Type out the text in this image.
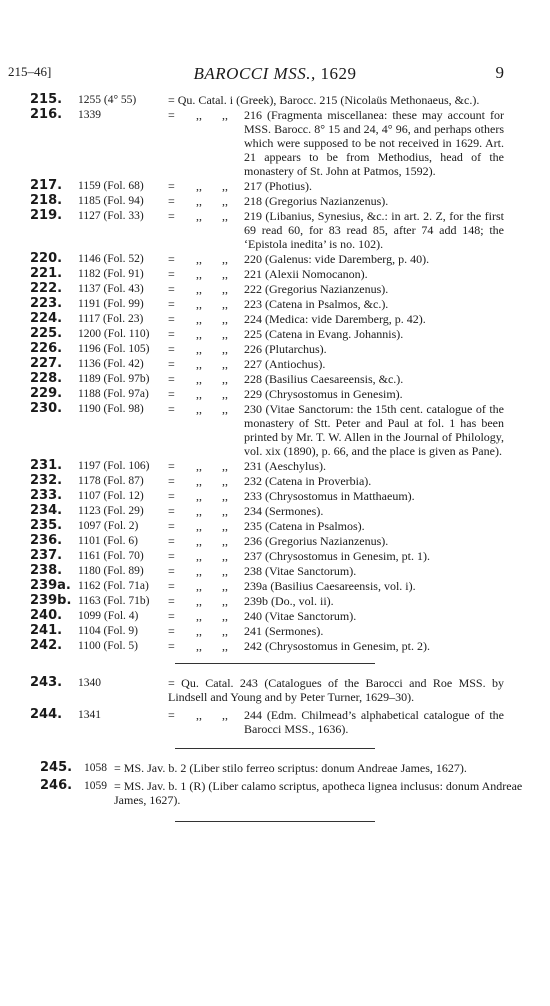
215–46]	BAROCCI MSS., 1629	9
215.	1255 (4° 55)	= Qu. Catal. i (Greek), Barocc. 215 (Nicolaüs Methonaeus, &c.).
216.	1339	=	,,	,,	216 (Fragmenta miscellanea: these may account for MSS. Barocc. 8° 15 and 24, 4° 96, and perhaps others which were supposed to be not received in 1629. Art. 21 appears to be from Methodius, head of the monastery of St. John at Patmos, 1592).
217.	1159 (Fol. 68)	=	,,	,,	217 (Photius).
218.	1185 (Fol. 94)	=	,,	,,	218 (Gregorius Nazianzenus).
219.	1127 (Fol. 33)	=	,,	,,	219 (Libanius, Synesius, &c.: in art. 2. Z, for the first 69 read 60, for 83 read 85, after 74 add 148; the ‘Epistola inedita’ is no. 102).
220.	1146 (Fol. 52)	=	,,	,,	220 (Galenus: vide Daremberg, p. 40).
221.	1182 (Fol. 91)	=	,,	,,	221 (Alexii Nomocanon).
222.	1137 (Fol. 43)	=	,,	,,	222 (Gregorius Nazianzenus).
223.	1191 (Fol. 99)	=	,,	,,	223 (Catena in Psalmos, &c.).
224.	1117 (Fol. 23)	=	,,	,,	224 (Medica: vide Daremberg, p. 42).
225.	1200 (Fol. 110)	=	,,	,,	225 (Catena in Evang. Johannis).
226.	1196 (Fol. 105)	=	,,	,,	226 (Plutarchus).
227.	1136 (Fol. 42)	=	,,	,,	227 (Antiochus).
228.	1189 (Fol. 97b)	=	,,	,,	228 (Basilius Caesareensis, &c.).
229.	1188 (Fol. 97a)	=	,,	,,	229 (Chrysostomus in Genesim).
230.	1190 (Fol. 98)	=	,,	,,	230 (Vitae Sanctorum: the 15th cent. catalogue of the monastery of Stt. Peter and Paul at fol. 1 has been printed by Mr. T. W. Allen in the Journal of Philology, vol. xix (1890), p. 66, and the place is given as Pane).
231.	1197 (Fol. 106)	=	,,	,,	231 (Aeschylus).
232.	1178 (Fol. 87)	=	,,	,,	232 (Catena in Proverbia).
233.	1107 (Fol. 12)	=	,,	,,	233 (Chrysostomus in Matthaeum).
234.	1123 (Fol. 29)	=	,,	,,	234 (Sermones).
235.	1097 (Fol. 2)	=	,,	,,	235 (Catena in Psalmos).
236.	1101 (Fol. 6)	=	,,	,,	236 (Gregorius Nazianzenus).
237.	1161 (Fol. 70)	=	,,	,,	237 (Chrysostomus in Genesim, pt. 1).
238.	1180 (Fol. 89)	=	,,	,,	238 (Vitae Sanctorum).
239a. 1162 (Fol. 71a)	=	,,	,,	239a (Basilius Caesareensis, vol. i).
239b. 1163 (Fol. 71b)	=	,,	,,	239b (Do., vol. ii).
240.	1099 (Fol. 4)	=	,,	,,	240 (Vitae Sanctorum).
241.	1104 (Fol. 9)	=	,,	,,	241 (Sermones).
242.	1100 (Fol. 5)	=	,,	,,	242 (Chrysostomus in Genesim, pt. 2).
243.	1340	= Qu. Catal. 243 (Catalogues of the Barocci and Roe MSS. by Lindsell and Young and by Peter Turner, 1629–30).
244.	1341	=	,,	,,	244 (Edm. Chilmead’s alphabetical catalogue of the Barocci MSS., 1636).
245. 1058 = MS. Jav. b. 2 (Liber stilo ferreo scriptus: donum Andreae James, 1627).
246. 1059 = MS. Jav. b. 1 (R) (Liber calamo scriptus, apotheca lignea inclusus: donum Andreae James, 1627).
